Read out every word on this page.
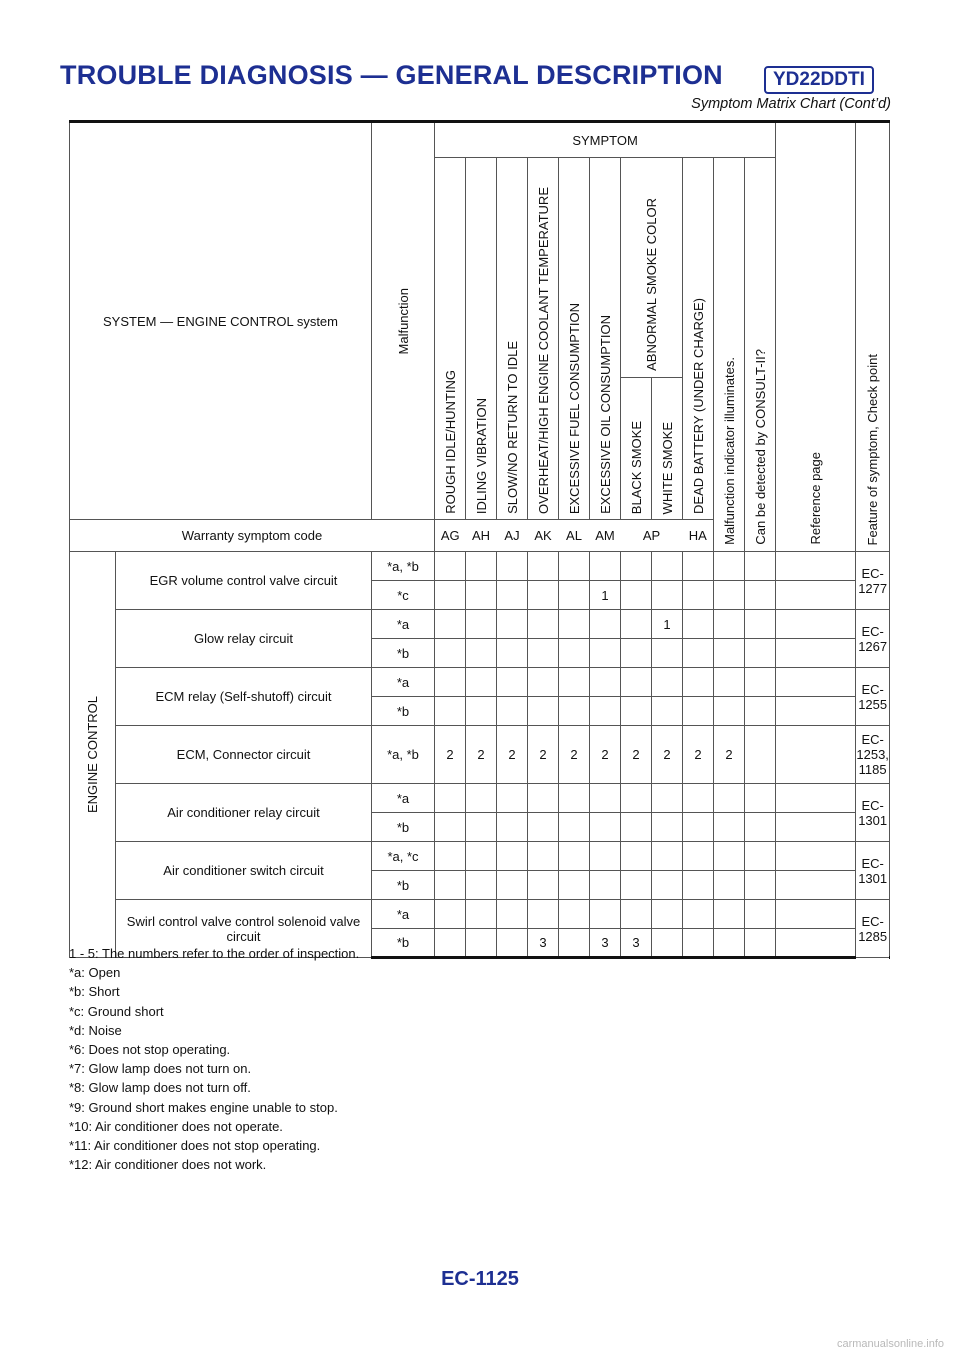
TROUBLE DIAGNOSIS — GENERAL DESCRIPTION	YD22DDTI
Symptom Matrix Chart (Cont’d)
SYSTEM — ENGINE CONTROL system		Malfunction	SYMPTOM											Reference page	Feature of symptom, Check point	

			ROUGH IDLE/HUNTING	IDLING VIBRATION	SLOW/NO RETURN TO IDLE	OVERHEAT/HIGH ENGINE COOLANT TEMPERATURE	EXCESSIVE FUEL CONSUMPTION	EXCESSIVE OIL CONSUMPTION	ABNORMAL SMOKE COLOR		DEAD BATTERY (UNDER CHARGE)	Malfunction indicator illuminates.	Can be detected by CONSULT-II?			

									BLACK SMOKE	WHITE SMOKE						

Warranty symptom code			AG	AH	AJ	AK	AL	AM	AP		HA					

ENGINE CONTROL	EGR volume control valve circuit	*a, *b													EC-1277	
		*c						1							
	Glow relay circuit	*a								1					EC-1267	
		*b													
	ECM relay (Self-shutoff) circuit	*a													EC-1255	
		*b													
	ECM, Connector circuit	*a, *b	2	2	2	2	2	2	2	2	2	2			EC-1253, 1185	
	Air conditioner relay circuit	*a													EC-1301	
		*b													
	Air conditioner switch circuit	*a, *c													EC-1301	
		*b													
	Swirl control valve control solenoid valve circuit	*a													EC-1285	
		*b				3		3	3							
1 - 5: The numbers refer to the order of inspection.
*a: Open
*b: Short
*c: Ground short
*d: Noise
*6: Does not stop operating.
*7: Glow lamp does not turn on.
*8: Glow lamp does not turn off.
*9: Ground short makes engine unable to stop.
*10: Air conditioner does not operate.
*11: Air conditioner does not stop operating.
*12: Air conditioner does not work.
EC-1125
carmanualsonline.info
